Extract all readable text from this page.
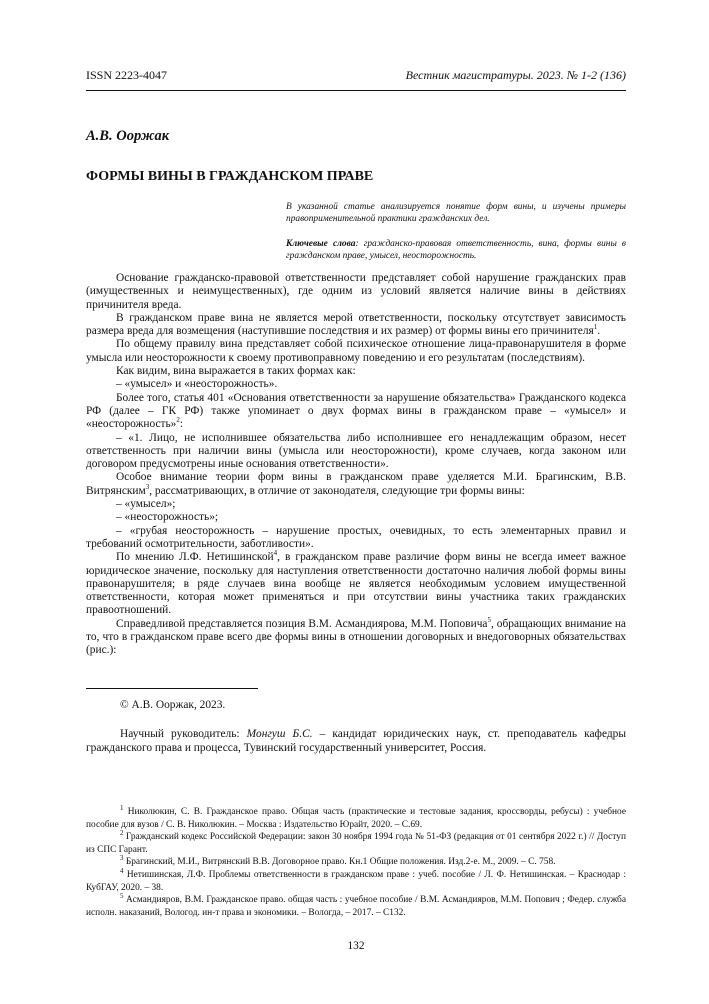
ISSN 2223-4047	Вестник магистратуры. 2023. № 1-2 (136)
А.В. Ооржак
ФОРМЫ ВИНЫ В ГРАЖДАНСКОМ ПРАВЕ
В указанной статье анализируется понятие форм вины, и изучены примеры правоприменительной практики гражданских дел.
Ключевые слова: гражданско-правовая ответственность, вина, формы вины в гражданском праве, умысел, неосторожность.

Основание гражданско-правовой ответственности представляет собой нарушение гражданских прав (имущественных и неимущественных), где одним из условий является наличие вины в действиях причинителя вреда.

В гражданском праве вина не является мерой ответственности, поскольку отсутствует зависимость размера вреда для возмещения (наступившие последствия и их размер) от формы вины его причинителя$^1$.

По общему правилу вина представляет собой психическое отношение лица-правонарушителя в форме умысла или неосторожности к своему противоправному поведению и его результатам (последствиям).

Как видим, вина выражается в таких формах как:

– «умысел» и «неосторожность».

Более того, статья 401 «Основания ответственности за нарушение обязательства» Гражданского кодекса РФ (далее – ГК РФ) также упоминает о двух формах вины в гражданском праве – «умысел» и «неосторожность»$^2$:

– «1. Лицо, не исполнившее обязательства либо исполнившее его ненадлежащим образом, несет ответственность при наличии вины (умысла или неосторожности), кроме случаев, когда законом или договором предусмотрены иные основания ответственности».

Особое внимание теории форм вины в гражданском праве уделяется М.И. Брагинским, В.В. Витрянским$^3$, рассматривающих, в отличие от законодателя, следующие три формы вины:

– «умысел»;

– «неосторожность»;

– «грубая неосторожность – нарушение простых, очевидных, то есть элементарных правил и требований осмотрительности, заботливости».

По мнению Л.Ф. Нетишинской$^4$, в гражданском праве различие форм вины не всегда имеет важное юридическое значение, поскольку для наступления ответственности достаточно наличия любой формы вины правонарушителя; в ряде случаев вина вообще не является необходимым условием имущественной ответственности, которая может применяться и при отсутствии вины участника таких гражданских правоотношений.

Справедливой представляется позиция В.М. Асмандиярова, М.М. Поповича$^5$, обращающих внимание на то, что в гражданском праве всего две формы вины в отношении договорных и внедоговорных обязательствах (рис.):

© А.В. Ооржак, 2023.
Научный руководитель: Монгуш Б.С. – кандидат юридических наук, ст. преподаватель кафедры гражданского права и процесса, Тувинский государственный университет, Россия.

$^1$ Николюкин, С. В. Гражданское право. Общая часть (практические и тестовые задания, кроссворды, ребусы) : учебное пособие для вузов / С. В. Николюкин. – Москва : Издательство Юрайт, 2020. – С.69.

$^2$ Гражданский кодекс Российской Федерации: закон 30 ноября 1994 года № 51-ФЗ (редакция от 01 сентября 2022 г.) // Доступ из СПС Гарант.

$^3$ Брагинский, М.И., Витрянский В.В. Договорное право. Кн.1 Общие положения. Изд.2-е. М., 2009. – С. 758.

$^4$ Нетишинская, Л.Ф. Проблемы ответственности в гражданском праве : учеб. пособие / Л. Ф. Нетишинская. – Краснодар : КубГАУ, 2020. – 38.

$^5$ Асмандияров, В.М. Гражданское право. общая часть : учебное пособие / В.М. Асмандияров, М.М. Попович ; Федер. служба исполн. наказаний, Вологод. ин-т права и экономики. – Вологда, – 2017. – С132.

132
